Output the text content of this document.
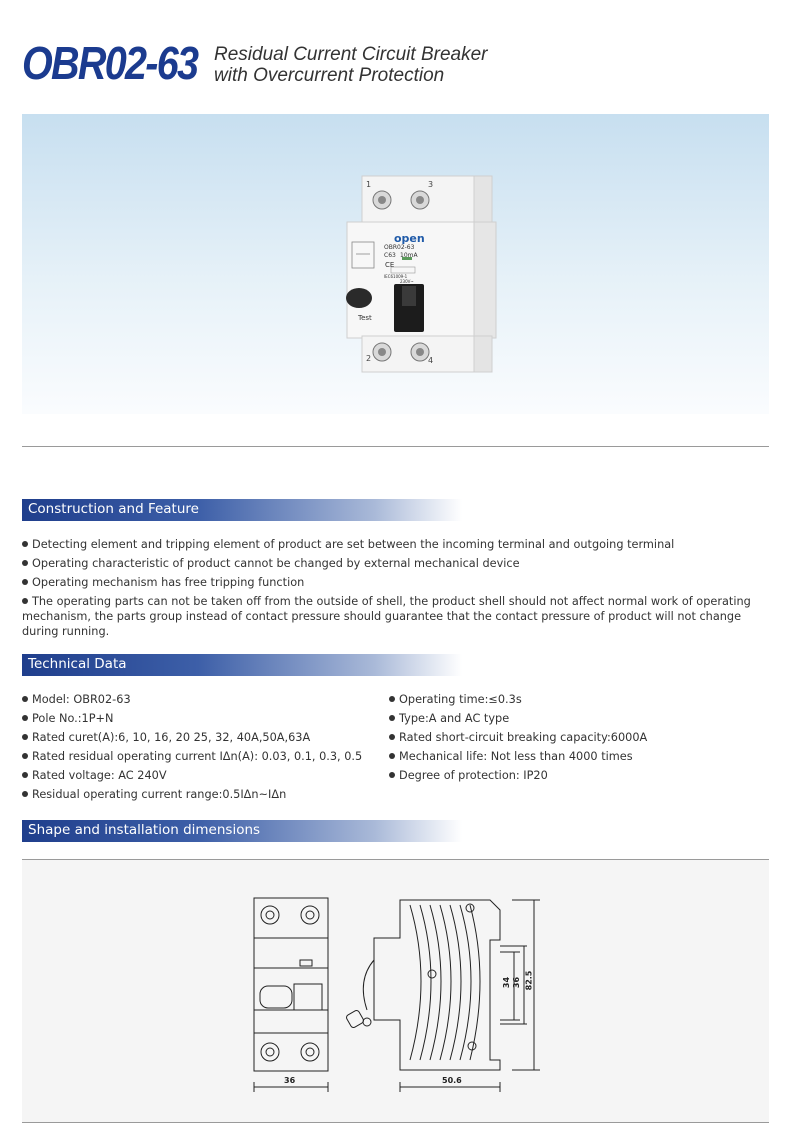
OBR02-63 Residual Current Circuit Breaker
with Overcurrent Protection
1	3
2	4
open
OBR02-63
C63 10mA
CE
IEC61009-1
230V~
Test
Construction and Feature
Detecting element and tripping element of product are set between the incoming terminal and outgoing terminal
Operating characteristic of product cannot be changed by external mechanical device
Operating mechanism has free tripping function
The operating parts can not be taken off from the outside of shell, the product shell should not affect normal work of operating mechanism, the parts group instead of contact pressure should guarantee that the contact pressure of product will not change during running.
Technical Data
Model: OBR02-63
Pole No.:1P+N
Rated curet(A):6, 10, 16, 20 25, 32, 40A,50A,63A
Rated residual operating current IΔn(A): 0.03, 0.1, 0.3, 0.5
Rated voltage: AC 240V
Residual operating current range:0.5IΔn~IΔn
Operating time:≤0.3s
Type:A and AC type
Rated short-circuit breaking capacity:6000A
Mechanical life: Not less than 4000 times
Degree of protection: IP20
Shape and installation dimensions
36	50.6
34 36 82.5
